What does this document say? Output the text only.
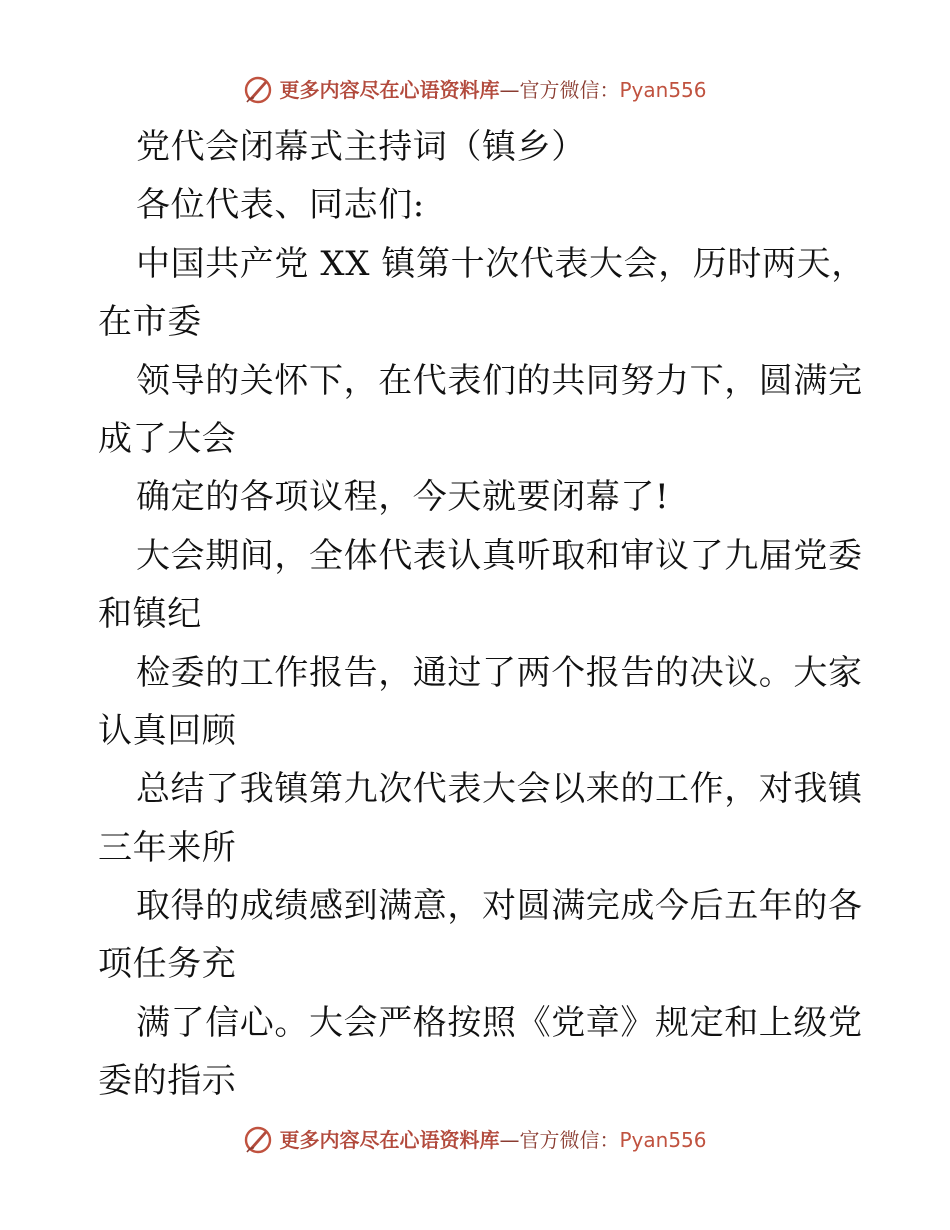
更多内容尽在心语资料库—官方微信：Pyan556
党代会闭幕式主持词（镇乡）
各位代表、同志们:
中国共产党 XX 镇第十次代表大会，历时两天，
在市委
领导的关怀下，在代表们的共同努力下，圆满完
成了大会
确定的各项议程，今天就要闭幕了!
大会期间，全体代表认真听取和审议了九届党委
和镇纪
检委的工作报告，通过了两个报告的决议。大家
认真回顾
总结了我镇第九次代表大会以来的工作，对我镇
三年来所
取得的成绩感到满意，对圆满完成今后五年的各
项任务充
满了信心。大会严格按照《党章》规定和上级党
委的指示
更多内容尽在心语资料库—官方微信：Pyan556
